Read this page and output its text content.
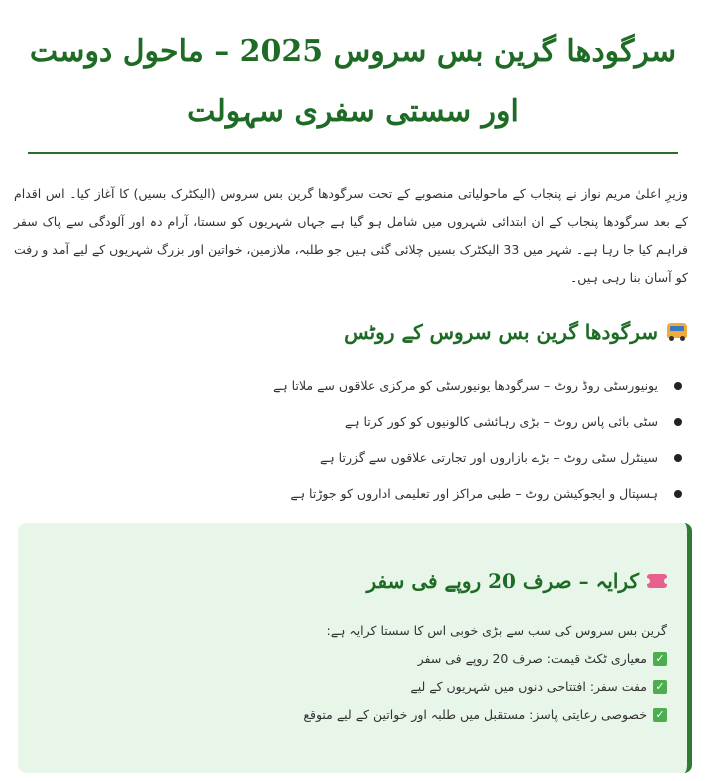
سرگودھا گرین بس سروس 2025 – ماحول دوست اور سستی سفری سہولت

وزیرِ اعلیٰ مریم نواز نے پنجاب کے ماحولیاتی منصوبے کے تحت سرگودھا گرین بس سروس (الیکٹرک بسیں) کا آغاز کیا۔ اس اقدام کے بعد سرگودھا پنجاب کے ان ابتدائی شہروں میں شامل ہو گیا ہے جہاں شہریوں کو سستا، آرام دہ اور آلودگی سے پاک سفر فراہم کیا جا رہا ہے۔ شہر میں 33 الیکٹرک بسیں چلائی گئی ہیں جو طلبہ، ملازمین، خواتین اور بزرگ شہریوں کے لیے آمد و رفت کو آسان بنا رہی ہیں۔

سرگودھا گرین بس سروس کے روٹس
یونیورسٹی روڈ روٹ – سرگودھا یونیورسٹی کو مرکزی علاقوں سے ملاتا ہے
سٹی بائی پاس روٹ – بڑی رہائشی کالونیوں کو کور کرتا ہے
سینٹرل سٹی روٹ – بڑے بازاروں اور تجارتی علاقوں سے گزرتا ہے
ہسپتال و ایجوکیشن روٹ – طبی مراکز اور تعلیمی اداروں کو جوڑتا ہے
کرایہ – صرف 20 روپے فی سفر

گرین بس سروس کی سب سے بڑی خوبی اس کا سستا کرایہ ہے:

✓
معیاری ٹکٹ قیمت: صرف 20 روپے فی سفر
✓
مفت سفر: افتتاحی دنوں میں شہریوں کے لیے
✓
خصوصی رعایتی پاسز: مستقبل میں طلبہ اور خواتین کے لیے متوقع
